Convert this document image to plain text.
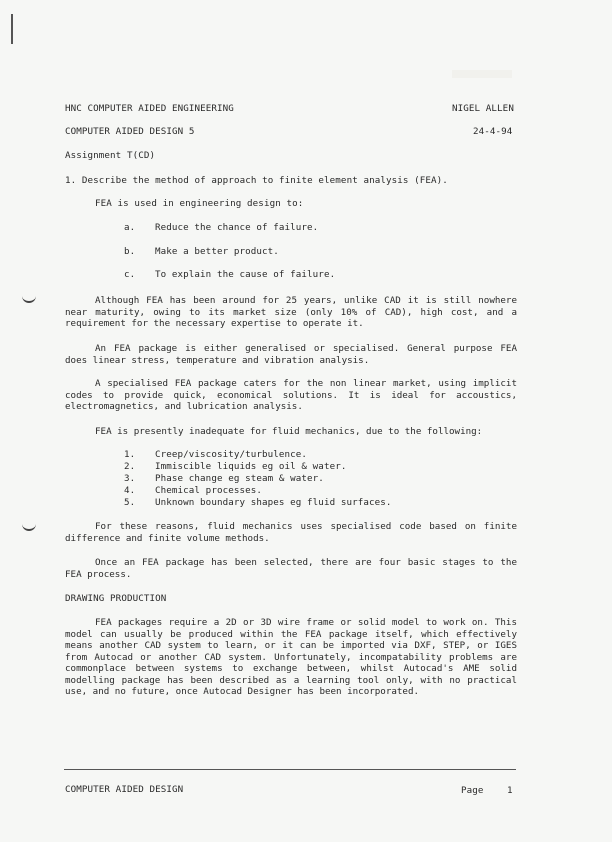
HNC COMPUTER AIDED ENGINEERING	NIGEL ALLEN
COMPUTER AIDED DESIGN 5	24-4-94
Assignment T(CD)
1. Describe the method of approach to finite element analysis (FEA).
FEA is used in engineering design to:
a. Reduce the chance of failure.
b. Make a better product.
c. To explain the cause of failure.
Although FEA has been around for 25 years, unlike CAD it is still nowhere near maturity, owing to its market size (only 10% of CAD), high cost, and a requirement for the necessary expertise to operate it.
An FEA package is either generalised or specialised. General purpose FEA does linear stress, temperature and vibration analysis.
A specialised FEA package caters for the non linear market, using implicit codes to provide quick, economical solutions. It is ideal for accoustics, electromagnetics, and lubrication analysis.
FEA is presently inadequate for fluid mechanics, due to the following:
1. Creep/viscosity/turbulence.
2. Immiscible liquids eg oil & water.
3. Phase change eg steam & water.
4. Chemical processes.
5. Unknown boundary shapes eg fluid surfaces.
For these reasons, fluid mechanics uses specialised code based on finite difference and finite volume methods.
Once an FEA package has been selected, there are four basic stages to the FEA process.
DRAWING PRODUCTION
FEA packages require a 2D or 3D wire frame or solid model to work on. This model can usually be produced within the FEA package itself, which effectively means another CAD system to learn, or it can be imported via DXF, STEP, or IGES from Autocad or another CAD system. Unfortunately, incompatability problems are commonplace between systems to exchange between, whilst Autocad's AME solid modelling package has been described as a learning tool only, with no practical use, and no future, once Autocad Designer has been incorporated.
COMPUTER AIDED DESIGN	Page	1
